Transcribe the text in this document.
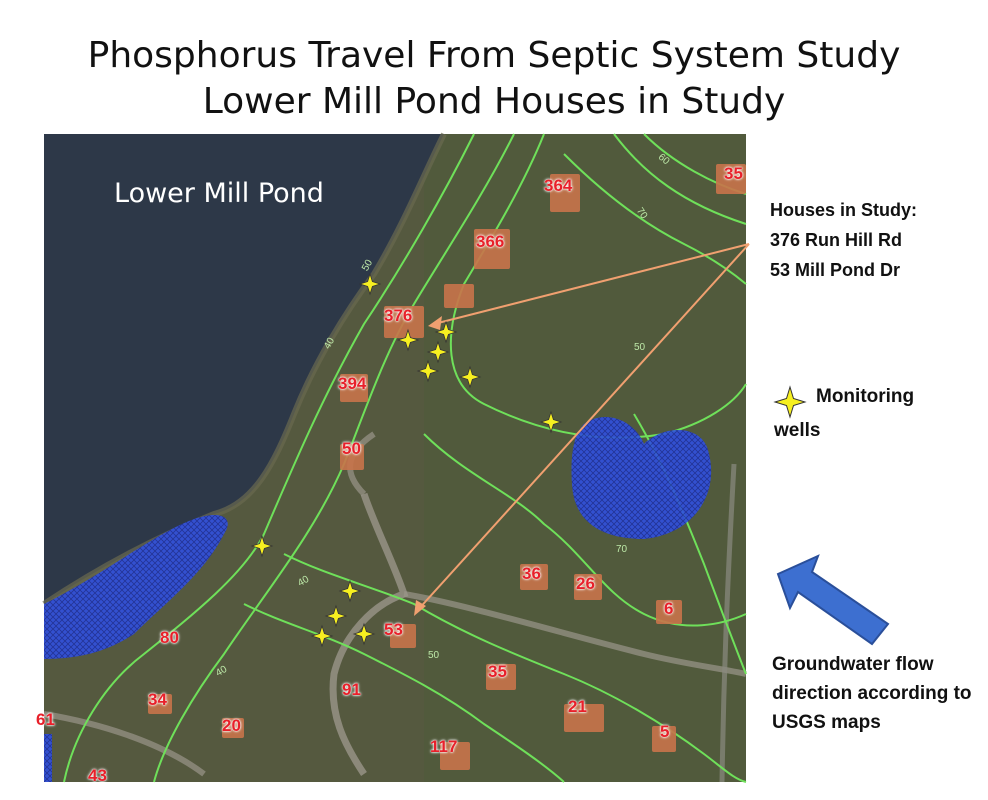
Phosphorus Travel From Septic System Study
Lower Mill Pond Houses in Study
Lower Mill Pond	364
35
366
376
394
50
36
26
6
80	53
35
91
34	21
20	5
117
61
43
70
60
50
40	50
40
50
40
70
Houses in Study:
376 Run Hill Rd
53 Mill Pond Dr
Monitoring
wells
Groundwater flow direction according to USGS maps
